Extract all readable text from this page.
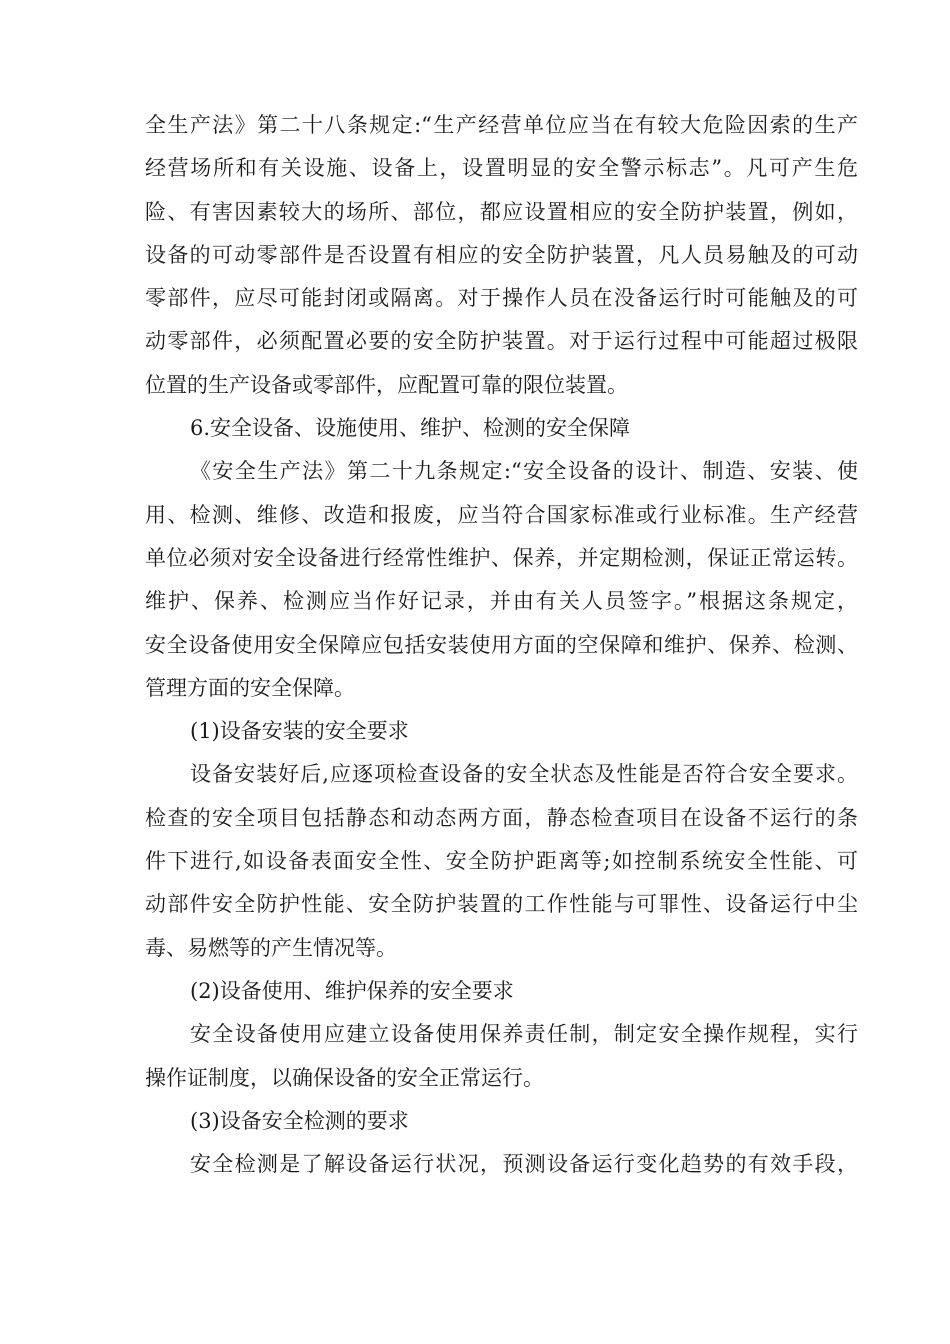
全生产法》第二十八条规定:“生产经营单位应当在有较大危险因索的生产
经营场所和有关设施、设备上，设置明显的安全警示标志”。凡可产生危
险、有害因素较大的场所、部位，都应设置相应的安全防护装置，例如，
设备的可动零部件是否设置有相应的安全防护装置，凡人员易触及的可动
零部件，应尽可能封闭或隔离。对于操作人员在没备运行时可能触及的可
动零部件，必须配置必要的安全防护装置。对于运行过程中可能超过极限
位置的生产设备或零部件，应配置可靠的限位装置。
6.安全设备、设施使用、维护、检测的安全保障
《安全生产法》第二十九条规定:“安全设备的设计、制造、安装、使
用、检测、维修、改造和报废，应当符合国家标准或行业标准。生产经营
单位必须对安全设备进行经常性维护、保养，并定期检测，保证正常运转。
维护、保养、检测应当作好记录，并由有关人员签字。”根据这条规定，
安全设备使用安全保障应包括安装使用方面的空保障和维护、保养、检测、
管理方面的安全保障。
(1)设备安装的安全要求
设备安装好后,应逐项检查设备的安全状态及性能是否符合安全要求。
检查的安全项目包括静态和动态两方面，静态检查项目在设备不运行的条
件下进行,如设备表面安全性、安全防护距离等;如控制系统安全性能、可
动部件安全防护性能、安全防护装置的工作性能与可罪性、设备运行中尘
毒、易燃等的产生情况等。
(2)设备使用、维护保养的安全要求
安全设备使用应建立设备使用保养责任制，制定安全操作规程，实行
操作证制度，以确保设备的安全正常运行。
(3)设备安全检测的要求
安全检测是了解设备运行状况，预测设备运行变化趋势的有效手段，
